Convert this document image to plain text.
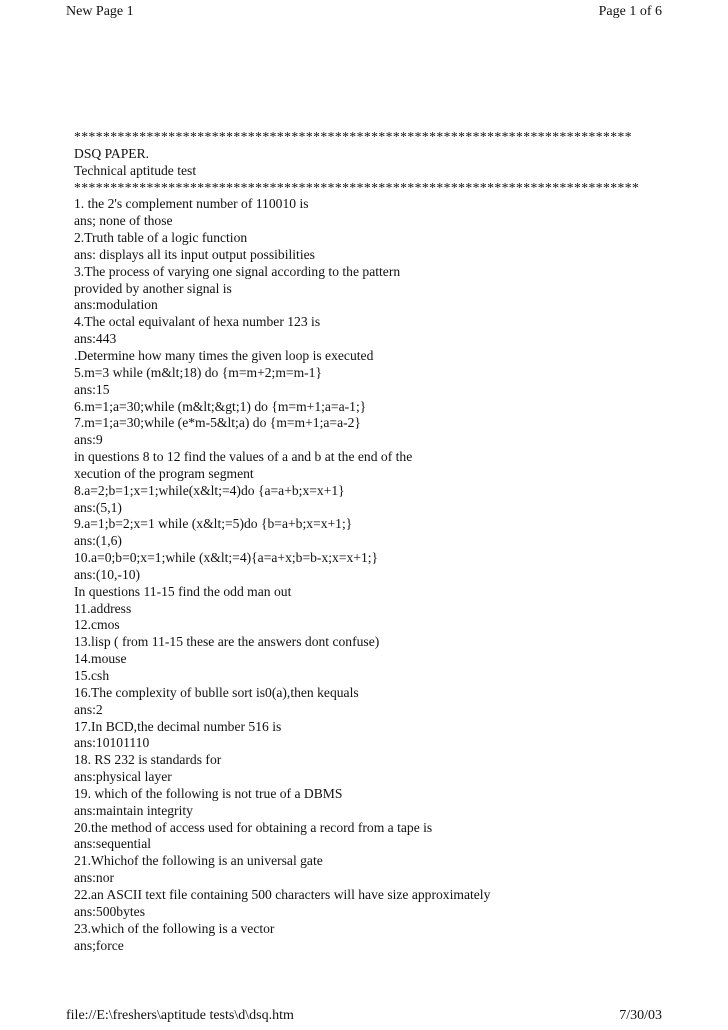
New Page 1	Page 1 of 6
*****************************************************************************
DSQ PAPER.
Technical aptitude test
******************************************************************************
1. the 2's complement number of 110010 is
ans; none of those
2.Truth table of a logic function
ans: displays all its input output possibilities
3.The process of varying one signal according to the pattern
provided by another signal is
ans:modulation
4.The octal equivalant of hexa number 123 is
ans:443
.Determine how many times the given loop is executed
5.m=3 while (m&lt;18) do {m=m+2;m=m-1}
ans:15
6.m=1;a=30;while (m&lt;&gt;1) do {m=m+1;a=a-1;}
7.m=1;a=30;while (e*m-5&lt;a) do {m=m+1;a=a-2}
ans:9
in questions 8 to 12 find the values of a and b at the end of the
xecution of the program segment
8.a=2;b=1;x=1;while(x&lt;=4)do {a=a+b;x=x+1}
ans:(5,1)
9.a=1;b=2;x=1 while (x&lt;=5)do {b=a+b;x=x+1;}
ans:(1,6)
10.a=0;b=0;x=1;while (x&lt;=4){a=a+x;b=b-x;x=x+1;}
ans:(10,-10)
In questions 11-15 find the odd man out
11.address
12.cmos
13.lisp ( from 11-15 these are the answers dont confuse)
14.mouse
15.csh
16.The complexity of bublle sort is0(a),then kequals
ans:2
17.In BCD,the decimal number 516 is
ans:10101110
18. RS 232 is standards for
ans:physical layer
19. which of the following is not true of a DBMS
ans:maintain integrity
20.the method of access used for obtaining a record from a tape is
ans:sequential
21.Whichof the following is an universal gate
ans:nor
22.an ASCII text file containing 500 characters will have size approximately
ans:500bytes
23.which of the following is a vector
ans;force
file://E:\freshers\aptitude tests\d\dsq.htm	7/30/03
